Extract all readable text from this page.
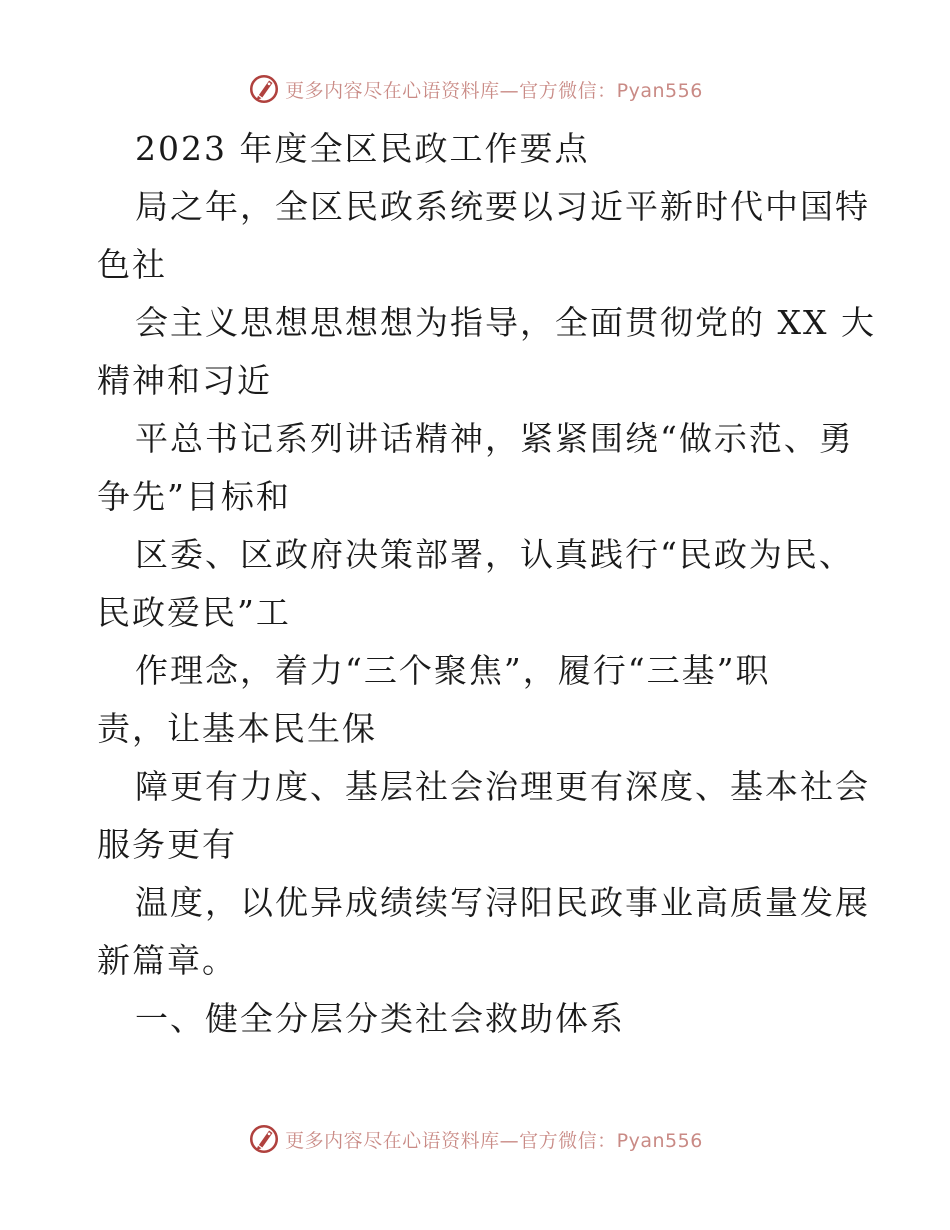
更多内容尽在心语资料库—官方微信：Pyan556
2023 年度全区民政工作要点
局之年，全区民政系统要以习近平新时代中国特
色社
会主义思想思想想为指导，全面贯彻党的 XX 大
精神和习近
平总书记系列讲话精神，紧紧围绕“做示范、勇
争先”目标和
区委、区政府决策部署，认真践行“民政为民、
民政爱民”工
作理念，着力“三个聚焦”，履行“三基”职
责，让基本民生保
障更有力度、基层社会治理更有深度、基本社会
服务更有
温度，以优异成绩续写浔阳民政事业高质量发展
新篇章。
一、健全分层分类社会救助体系
更多内容尽在心语资料库—官方微信：Pyan556
